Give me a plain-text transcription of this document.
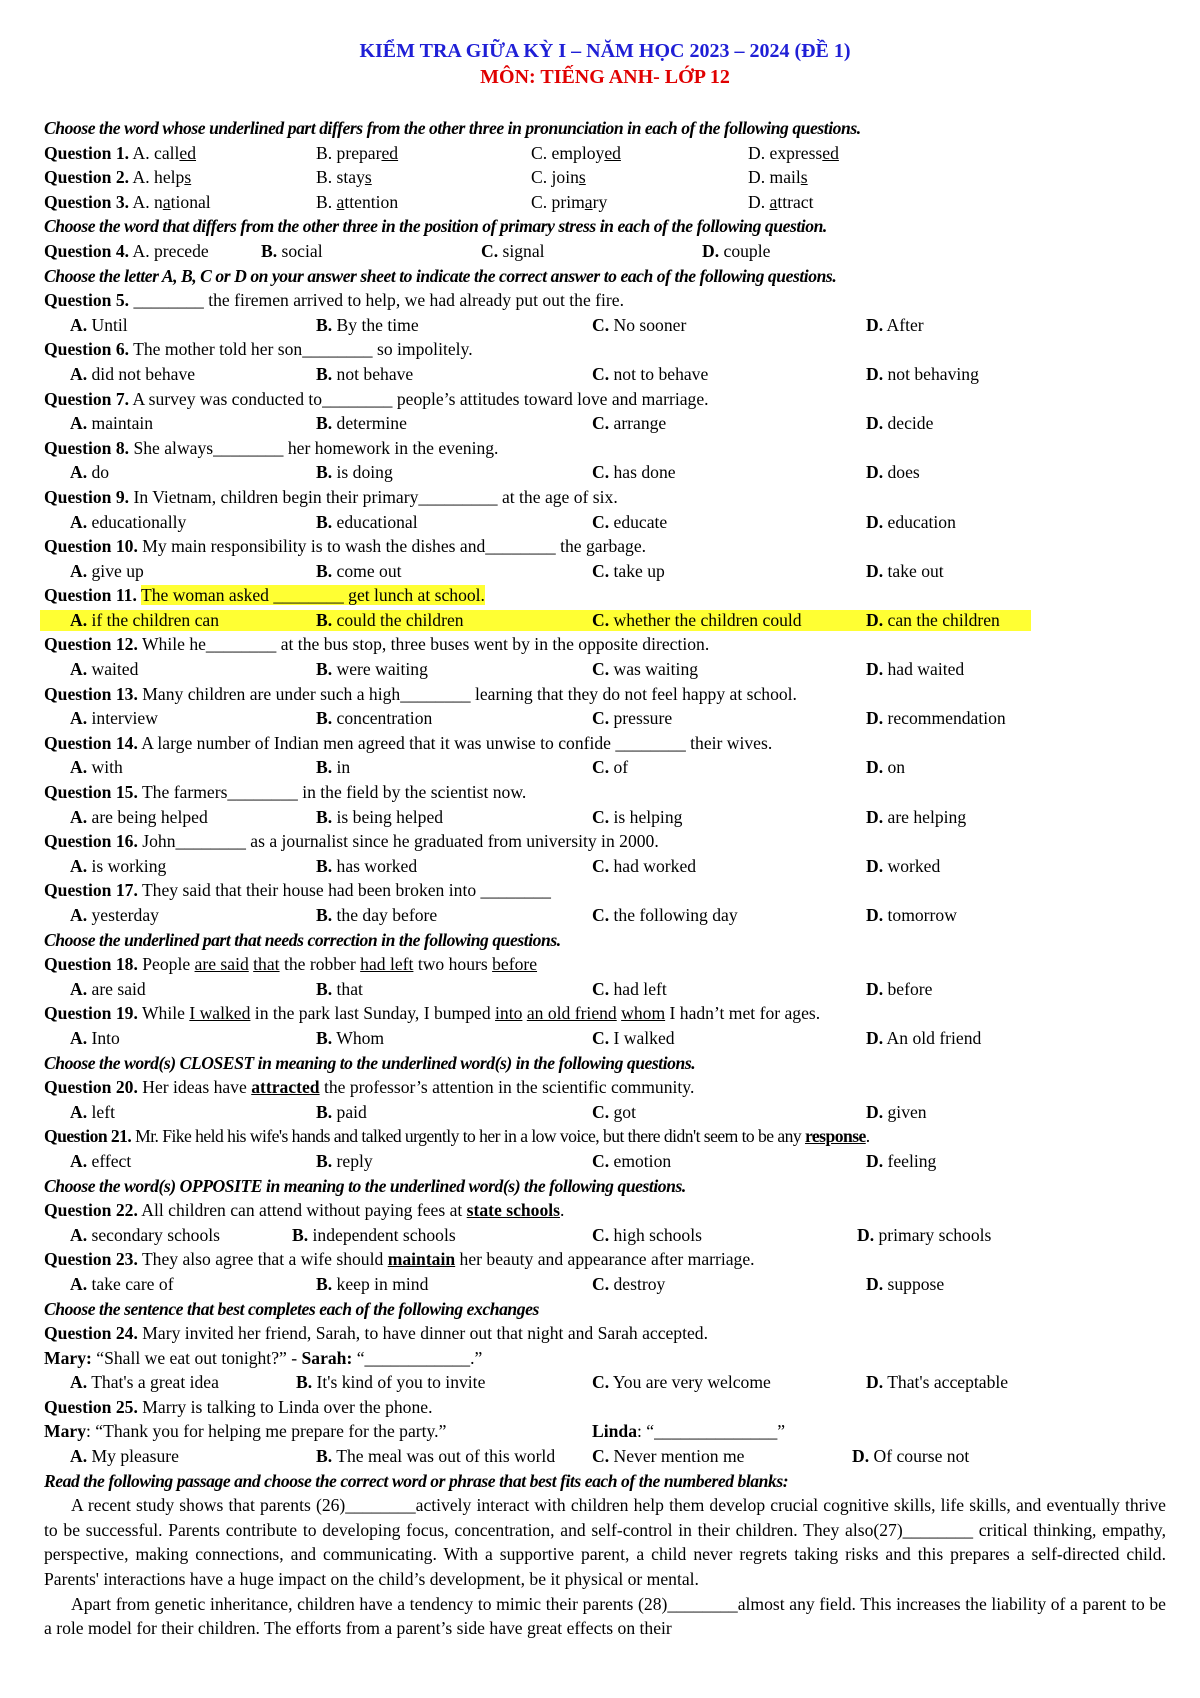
KIỂM TRA GIỮA KỲ I – NĂM HỌC 2023 – 2024 (ĐỀ 1)
MÔN: TIẾNG ANH- LỚP 12
Choose the word whose underlined part differs from the other three in pronunciation in each of the following questions.
Question 1. A. called	B. prepared	C. employed	D. expressed
Question 2. A. helps	B. stays	C. joins	D. mails
Question 3. A. national	B. attention	C. primary	D. attract
Choose the word that differs from the other three in the position of primary stress in each of the following question.
Question 4. A. precede	B. social	C. signal	D. couple
Choose the letter A, B, C or D on your answer sheet to indicate the correct answer to each of the following questions.
Question 5. ________ the firemen arrived to help, we had already put out the fire.
A. Until	B. By the time	C. No sooner	D. After
Question 6. The mother told her son________ so impolitely.
A. did not behave	B. not behave	C. not to behave	D. not behaving
Question 7. A survey was conducted to________ people’s attitudes toward love and marriage.
A. maintain	B. determine	C. arrange	D. decide
Question 8. She always________ her homework in the evening.
A. do	B. is doing	C. has done	D. does
Question 9. In Vietnam, children begin their primary_________ at the age of six.
A. educationally	B. educational	C. educate	D. education
Question 10. My main responsibility is to wash the dishes and________ the garbage.
A. give up	B. come out	C. take up	D. take out
Question 11. The woman asked ________ get lunch at school.
A. if the children can	B. could the children	C. whether the children could	D. can the children
Question 12. While he________ at the bus stop, three buses went by in the opposite direction.
A. waited	B. were waiting	C. was waiting	D. had waited
Question 13. Many children are under such a high________ learning that they do not feel happy at school.
A. interview	B. concentration	C. pressure	D. recommendation
Question 14. A large number of Indian men agreed that it was unwise to confide ________ their wives.
A. with	B. in	C. of	D. on
Question 15. The farmers________ in the field by the scientist now.
A. are being helped	B. is being helped	C. is helping	D. are helping
Question 16. John________ as a journalist since he graduated from university in 2000.
A. is working	B. has worked	C. had worked	D. worked
Question 17. They said that their house had been broken into ________
A. yesterday	B. the day before	C. the following day	D. tomorrow
Choose the underlined part that needs correction in the following questions.
Question 18. People are said that the robber had left two hours before
A. are said	B. that	C. had left	D. before
Question 19. While I walked in the park last Sunday, I bumped into an old friend whom I hadn’t met for ages.
A. Into	B. Whom	C. I walked	D. An old friend
Choose the word(s) CLOSEST in meaning to the underlined word(s) in the following questions.
Question 20. Her ideas have attracted the professor’s attention in the scientific community.
A. left	B. paid	C. got	D. given
Question 21. Mr. Fike held his wife's hands and talked urgently to her in a low voice, but there didn't seem to be any response.
A. effect	B. reply	C. emotion	D. feeling
Choose the word(s) OPPOSITE in meaning to the underlined word(s) the following questions.
Question 22. All children can attend without paying fees at state schools.
A. secondary schools	B. independent schools	C. high schools	D. primary schools
Question 23. They also agree that a wife should maintain her beauty and appearance after marriage.
A. take care of	B. keep in mind	C. destroy	D. suppose
Choose the sentence that best completes each of the following exchanges
Question 24. Mary invited her friend, Sarah, to have dinner out that night and Sarah accepted.
Mary: “Shall we eat out tonight?” - Sarah: “____________.”
A. That's a great idea	B. It's kind of you to invite	C. You are very welcome	D. That's acceptable
Question 25. Marry is talking to Linda over the phone.
Mary: “Thank you for helping me prepare for the party.”	Linda: “______________”
A. My pleasure	B. The meal was out of this world C. Never mention me	D. Of course not
Read the following passage and choose the correct word or phrase that best fits each of the numbered blanks:

A recent study shows that parents (26)________actively interact with children help them develop crucial cognitive skills, life skills, and eventually thrive to be successful. Parents contribute to developing focus, concentration, and self-control in their children. They also(27)________ critical thinking, empathy, perspective, making connections, and communicating. With a supportive parent, a child never regrets taking risks and this prepares a self-directed child. Parents' interactions have a huge impact on the child’s development, be it physical or mental.

Apart from genetic inheritance, children have a tendency to mimic their parents (28)________almost any field. This increases the liability of a parent to be a role model for their children. The efforts from a parent’s side have great effects on their
